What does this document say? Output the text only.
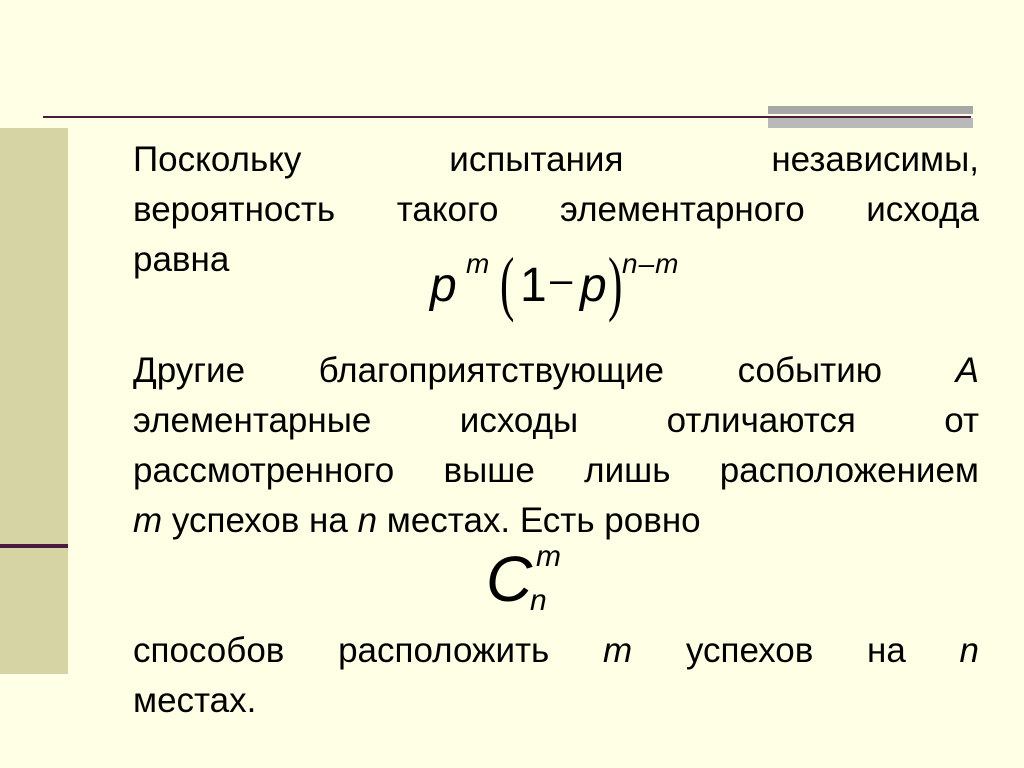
Поскольку испытания независимы,
вероятность такого элементарного исхода
равна	p m ( 1 – p ) n–m
Другие благоприятствующие событию A
элементарные исходы отличаются от
рассмотренного выше лишь расположением
m успехов на n местах. Есть ровно
C m
n
способов расположить m успехов на n
местах.
